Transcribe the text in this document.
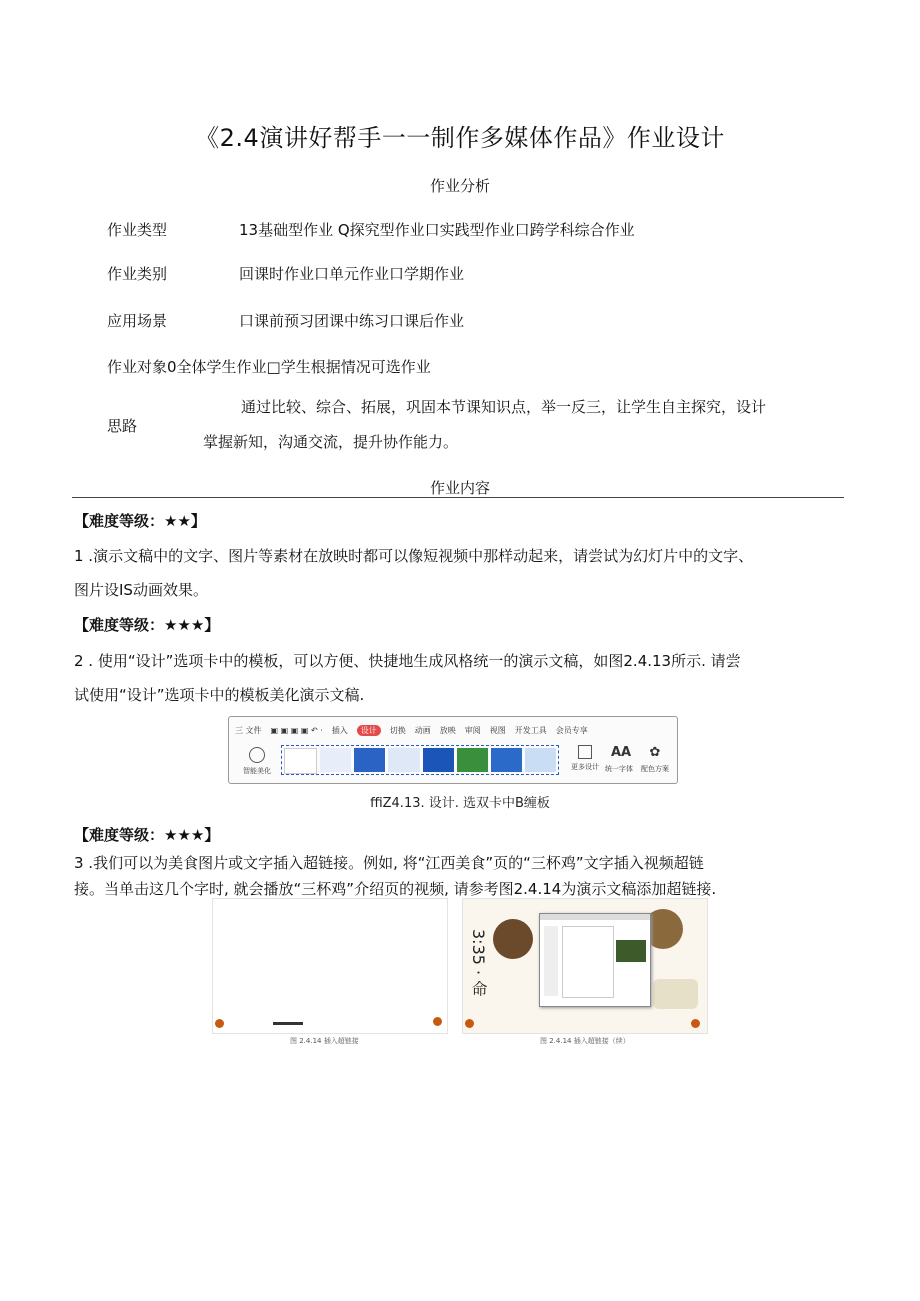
《2.4演讲好帮手一一制作多媒体作品》作业设计
作业分析
作业类型	13基础型作业 Q探究型作业口实践型作业口跨学科综合作业
作业类别	回课时作业口单元作业口学期作业
应用场景	口课前预习团课中练习口课后作业
作业对象0全体学生作业□学生根据情况可选作业
思路
通过比较、综合、拓展，巩固本节课知识点，举一反三，让学生自主探究，设计
掌握新知，沟通交流，提升协作能力。
作业内容
【难度等级：★★】
1 .演示文稿中的文字、图片等素材在放映时都可以像短视频中那样动起来，请尝试为幻灯片中的文字、
图片设IS动画效果。
【难度等级：★★★】
2 . 使用“设计”选项卡中的模板，可以方便、快捷地生成风格统一的演示文稿，如图2.4.13所示. 请尝
试使用“设计”选项卡中的模板美化演示文稿.
三 文件 ▣ ▣ ▣ ▣ ↶ · 插入	设计	切换 动画 放映 审阅 视图 开发工具 会员专享
智能美化	更多设计
AA
统一字体
✿
配色方案
ffiZ4.13. 设计. 选双卡中B缠板
【难度等级：★★★】
3 .我们可以为美食图片或文字插入超链接。例如, 将“江西美食”页的“三杯鸡”文字插入视频超链
接。当单击这几个字时, 就会播放“三杯鸡”介绍页的视频, 请参考图2.4.14为演示文稿添加超链接.
图 2.4.14 插入超链接
3:35 · 命
图 2.4.14 插入超链接（续）
